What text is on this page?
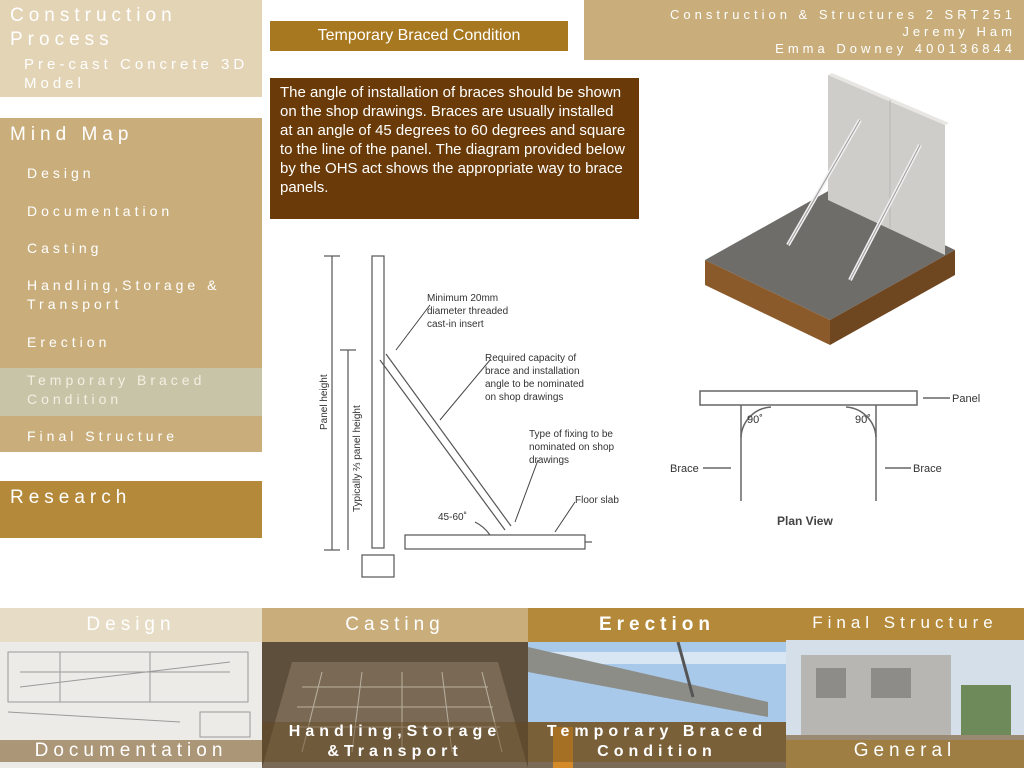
Construction Process
Pre-cast Concrete 3D Model
Construction & Structures 2 SRT251
Jeremy Ham
Emma Downey 400136844
Mind Map
Design
Documentation
Casting
Handling,Storage & Transport
Erection
Temporary Braced Condition
Final Structure
Research
Temporary Braced Condition
The angle of installation of braces should be shown on the shop drawings. Braces are usually installed at an angle of 45 degrees to 60 degrees and square to the line of the panel. The diagram provided below by the OHS act shows the appropriate way to brace panels.
Panel height
Typically ⅔ panel height
Minimum 20mm diameter threaded cast-in insert
Required capacity of brace and installation angle to be nominated on shop drawings
Type of fixing to be nominated on shop drawings
Floor slab
45-60˚
Panel
Brace	Brace
90˚	90˚
Plan View
Design
Documentation
Casting
Handling,Storage &Transport
Erection
Temporary Braced Condition
Final Structure
General
